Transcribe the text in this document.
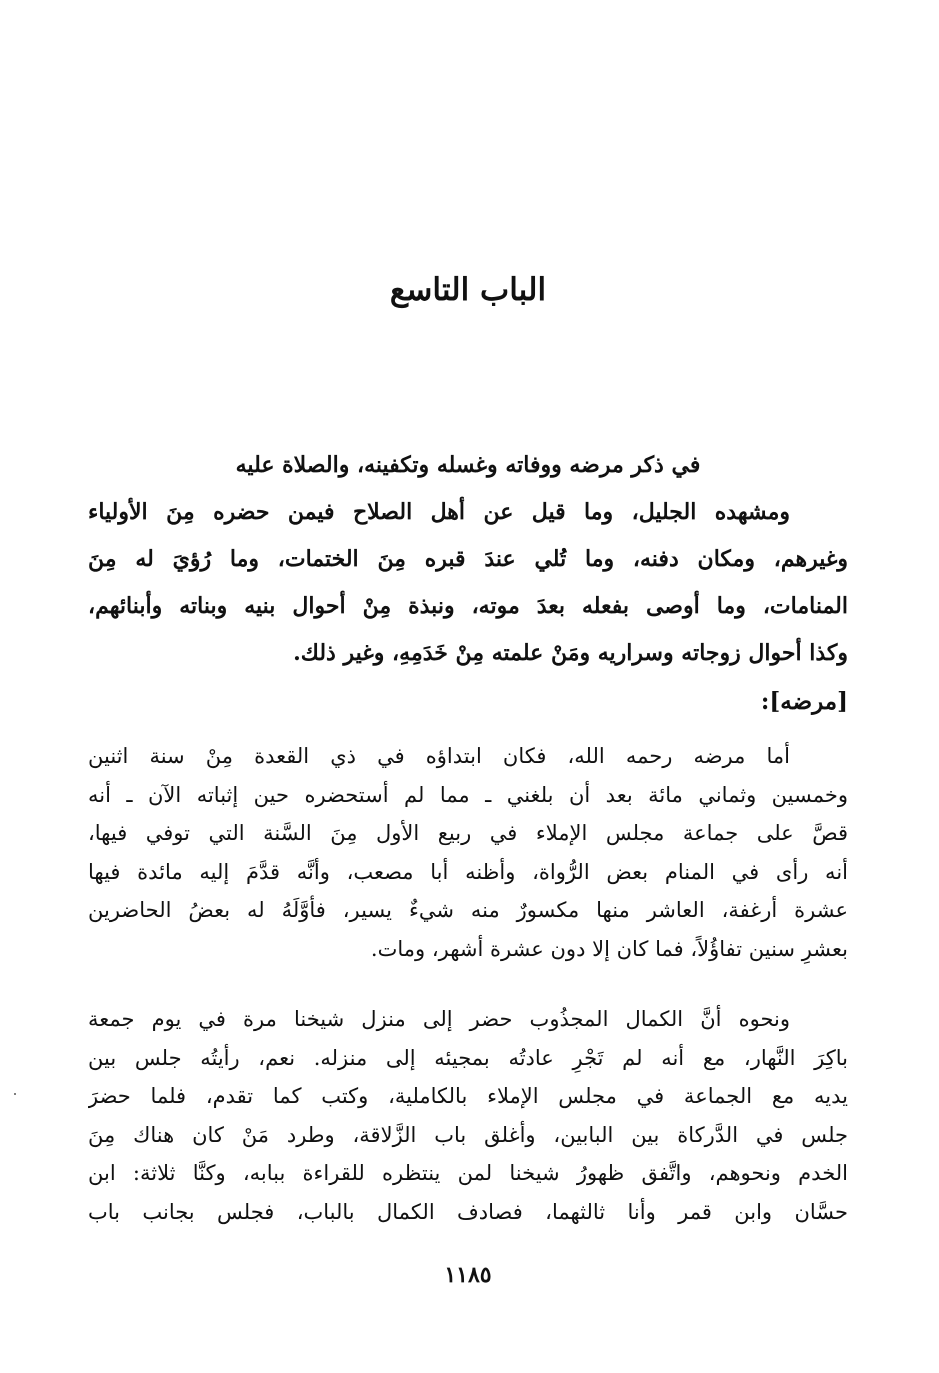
الباب التاسع

في ذكر مرضه ووفاته وغسله وتكفينه، والصلاة عليه

ومشهده الجليل، وما قيل عن أهل الصلاح فيمن حضره مِنَ الأولياء

وغيرهم، ومكان دفنه، وما تُلي عندَ قبره مِنَ الختمات، وما رُؤيَ له مِنَ

المنامات، وما أوصى بفعله بعدَ موته، ونبذة مِنْ أحوال بنيه وبناته وأبنائهم،

وكذا أحوال زوجاته وسراريه ومَنْ علمته مِنْ خَدَمِهِ، وغير ذلك.

[مرضه]:

أما مرضه رحمه الله، فكان ابتداؤه في ذي القعدة مِنْ سنة اثنين

وخمسين وثماني مائة بعد أن بلغني ـ مما لم أستحضره حين إثباته الآن ـ أنه

قصَّ على جماعة مجلس الإملاء في ربيع الأول مِنَ السَّنة التي توفي فيها،

أنه رأى في المنام بعض الرُّواة، وأظنه أبا مصعب، وأنَّه قدَّمَ إليه مائدة فيها

عشرة أرغفة، العاشر منها مكسورٌ منه شيءٌ يسير، فأوَّلَهُ له بعضُ الحاضرين

بعشرِ سنين تفاؤُلاً، فما كان إلا دون عشرة أشهر، ومات.

ونحوه أنَّ الكمال المجذُوب حضر إلى منزل شيخنا مرة في يوم جمعة

باكِرَ النَّهار، مع أنه لم تَجْرِ عادتُه بمجيئه إلى منزله. نعم، رأيتُه جلس بين

يديه مع الجماعة في مجلس الإملاء بالكاملية، وكتب كما تقدم، فلما حضرَ

جلس في الدَّركاة بين البابين، وأغلق باب الزَّلاقة، وطرد مَنْ كان هناك مِنَ

الخدم ونحوهم، واتَّفق ظهورُ شيخنا لمن ينتظره للقراءة ببابه، وكنَّا ثلاثة: ابن

حسَّان وابن قمر وأنا ثالثهما، فصادف الكمال بالباب، فجلس بجانب باب

١١٨٥
